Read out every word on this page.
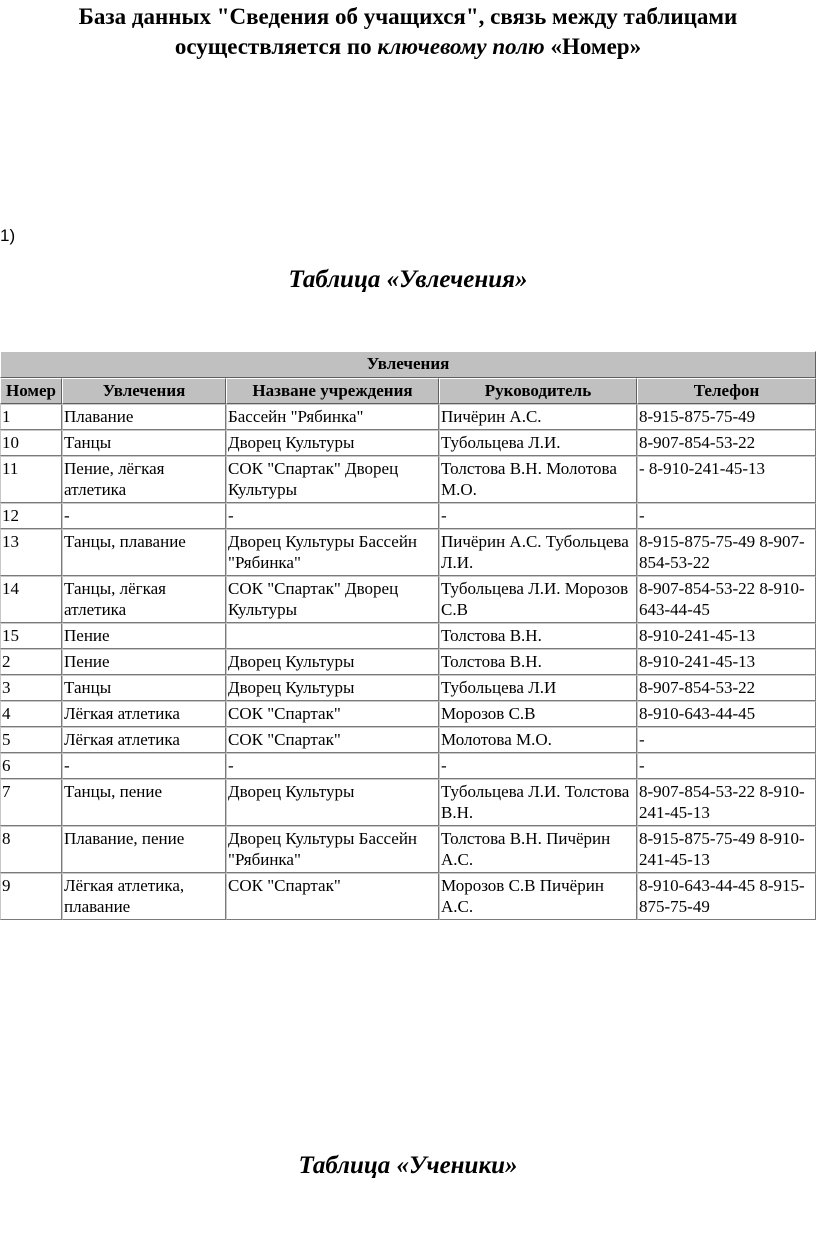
База данных "Сведения об учащихся", связь между таблицами
осуществляется по ключевому полю «Номер»
1)
Таблица «Увлечения»
Увлечения				
Номер	Увлечения	Назване учреждения	Руководитель	Телефон
1	Плавание	Бассейн "Рябинка"	Пичёрин А.С.	8-915-875-75-49
10	Танцы	Дворец Культуры	Тубольцева Л.И.	8-907-854-53-22
11	Пение, лёгкая атлетика	СОК "Спартак" Дворец Культуры	Толстова В.Н. Молотова М.О.	- 8-910-241-45-13
12	-	-	-	-
13	Танцы, плавание	Дворец Культуры Бассейн "Рябинка"	Пичёрин А.С. Тубольцева Л.И.	8-915-875-75-49 8-907-854-53-22
14	Танцы, лёгкая атлетика	СОК "Спартак" Дворец Культуры	Тубольцева Л.И. Морозов С.В	8-907-854-53-22 8-910-643-44-45
15	Пение		Толстова В.Н.	8-910-241-45-13
2	Пение	Дворец Культуры	Толстова В.Н.	8-910-241-45-13
3	Танцы	Дворец Культуры	Тубольцева Л.И	8-907-854-53-22
4	Лёгкая атлетика	СОК "Спартак"	Морозов С.В	8-910-643-44-45
5	Лёгкая атлетика	СОК "Спартак"	Молотова М.О.	-
6	-	-	-	-
7	Танцы, пение	Дворец Культуры	Тубольцева Л.И. Толстова В.Н.	8-907-854-53-22 8-910-241-45-13
8	Плавание, пение	Дворец Культуры Бассейн "Рябинка"	Толстова В.Н. Пичёрин А.С.	8-915-875-75-49 8-910-241-45-13
9	Лёгкая атлетика, плавание	СОК "Спартак"	Морозов С.В Пичёрин А.С.	8-910-643-44-45 8-915-875-75-49
Таблица «Ученики»
